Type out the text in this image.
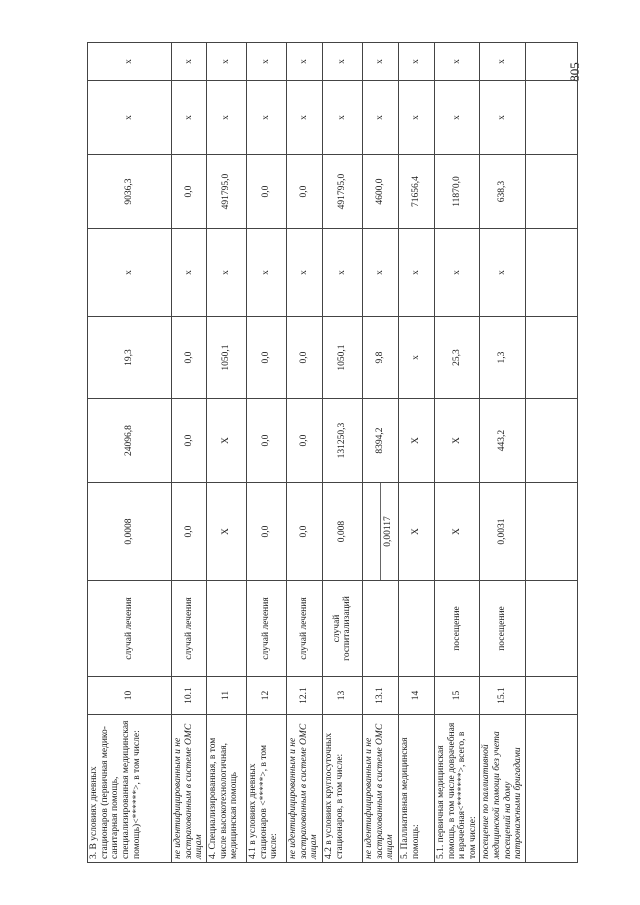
805
3. В условиях дневных стационаров (первичная медико-санитарная помощь, специализированная медицинская помощь)<******>, в том числе:	10	случай лечения	0,0008	24096,8	19,3	х	9036,3	х	х
не идентифицированным и не застрахованным в системе ОМС лицам	10.1	случай лечения	0,0	0,0	0,0	х	0,0	х	х
4. Специализированная, в том числе высокотехнологичная, медицинская помощь	11		Х	Х	1050,1	х	491795,0	х	х
4.1 в условиях дневных стационаров <*****>, в том числе:	12	случай лечения	0,0	0,0	0,0	х	0,0	х	х
не идентифицированным и не застрахованным в системе ОМС лицам	12.1	случай лечения	0,0	0,0	0,0	х	0,0	х	х
4.2 в условиях круглосуточных стационаров, в том числе:	13	случай госпитализаций	0,008	131250,3	1050,1	х	491795,0	х	х
не идентифицированным и не застрахованным в системе ОМС лицам	13.1		0,00117	8394,2	9,8	х	4600,0	х	х
5. Паллиативная медицинская помощь:	14		Х	Х	х	х	71656,4	х	х
5.1. первичная медицинская помощь, в том числе доврачебная и врачебная<*******>, всего, в том числе:	15	посещение	Х	Х	25,3	х	11870,0	х	х
посещение по паллиативной медицинской помощи без учета посещений на дому патронажными бригадами	15.1	посещение	0,0031	443,2	1,3	х	638,3	х	х
